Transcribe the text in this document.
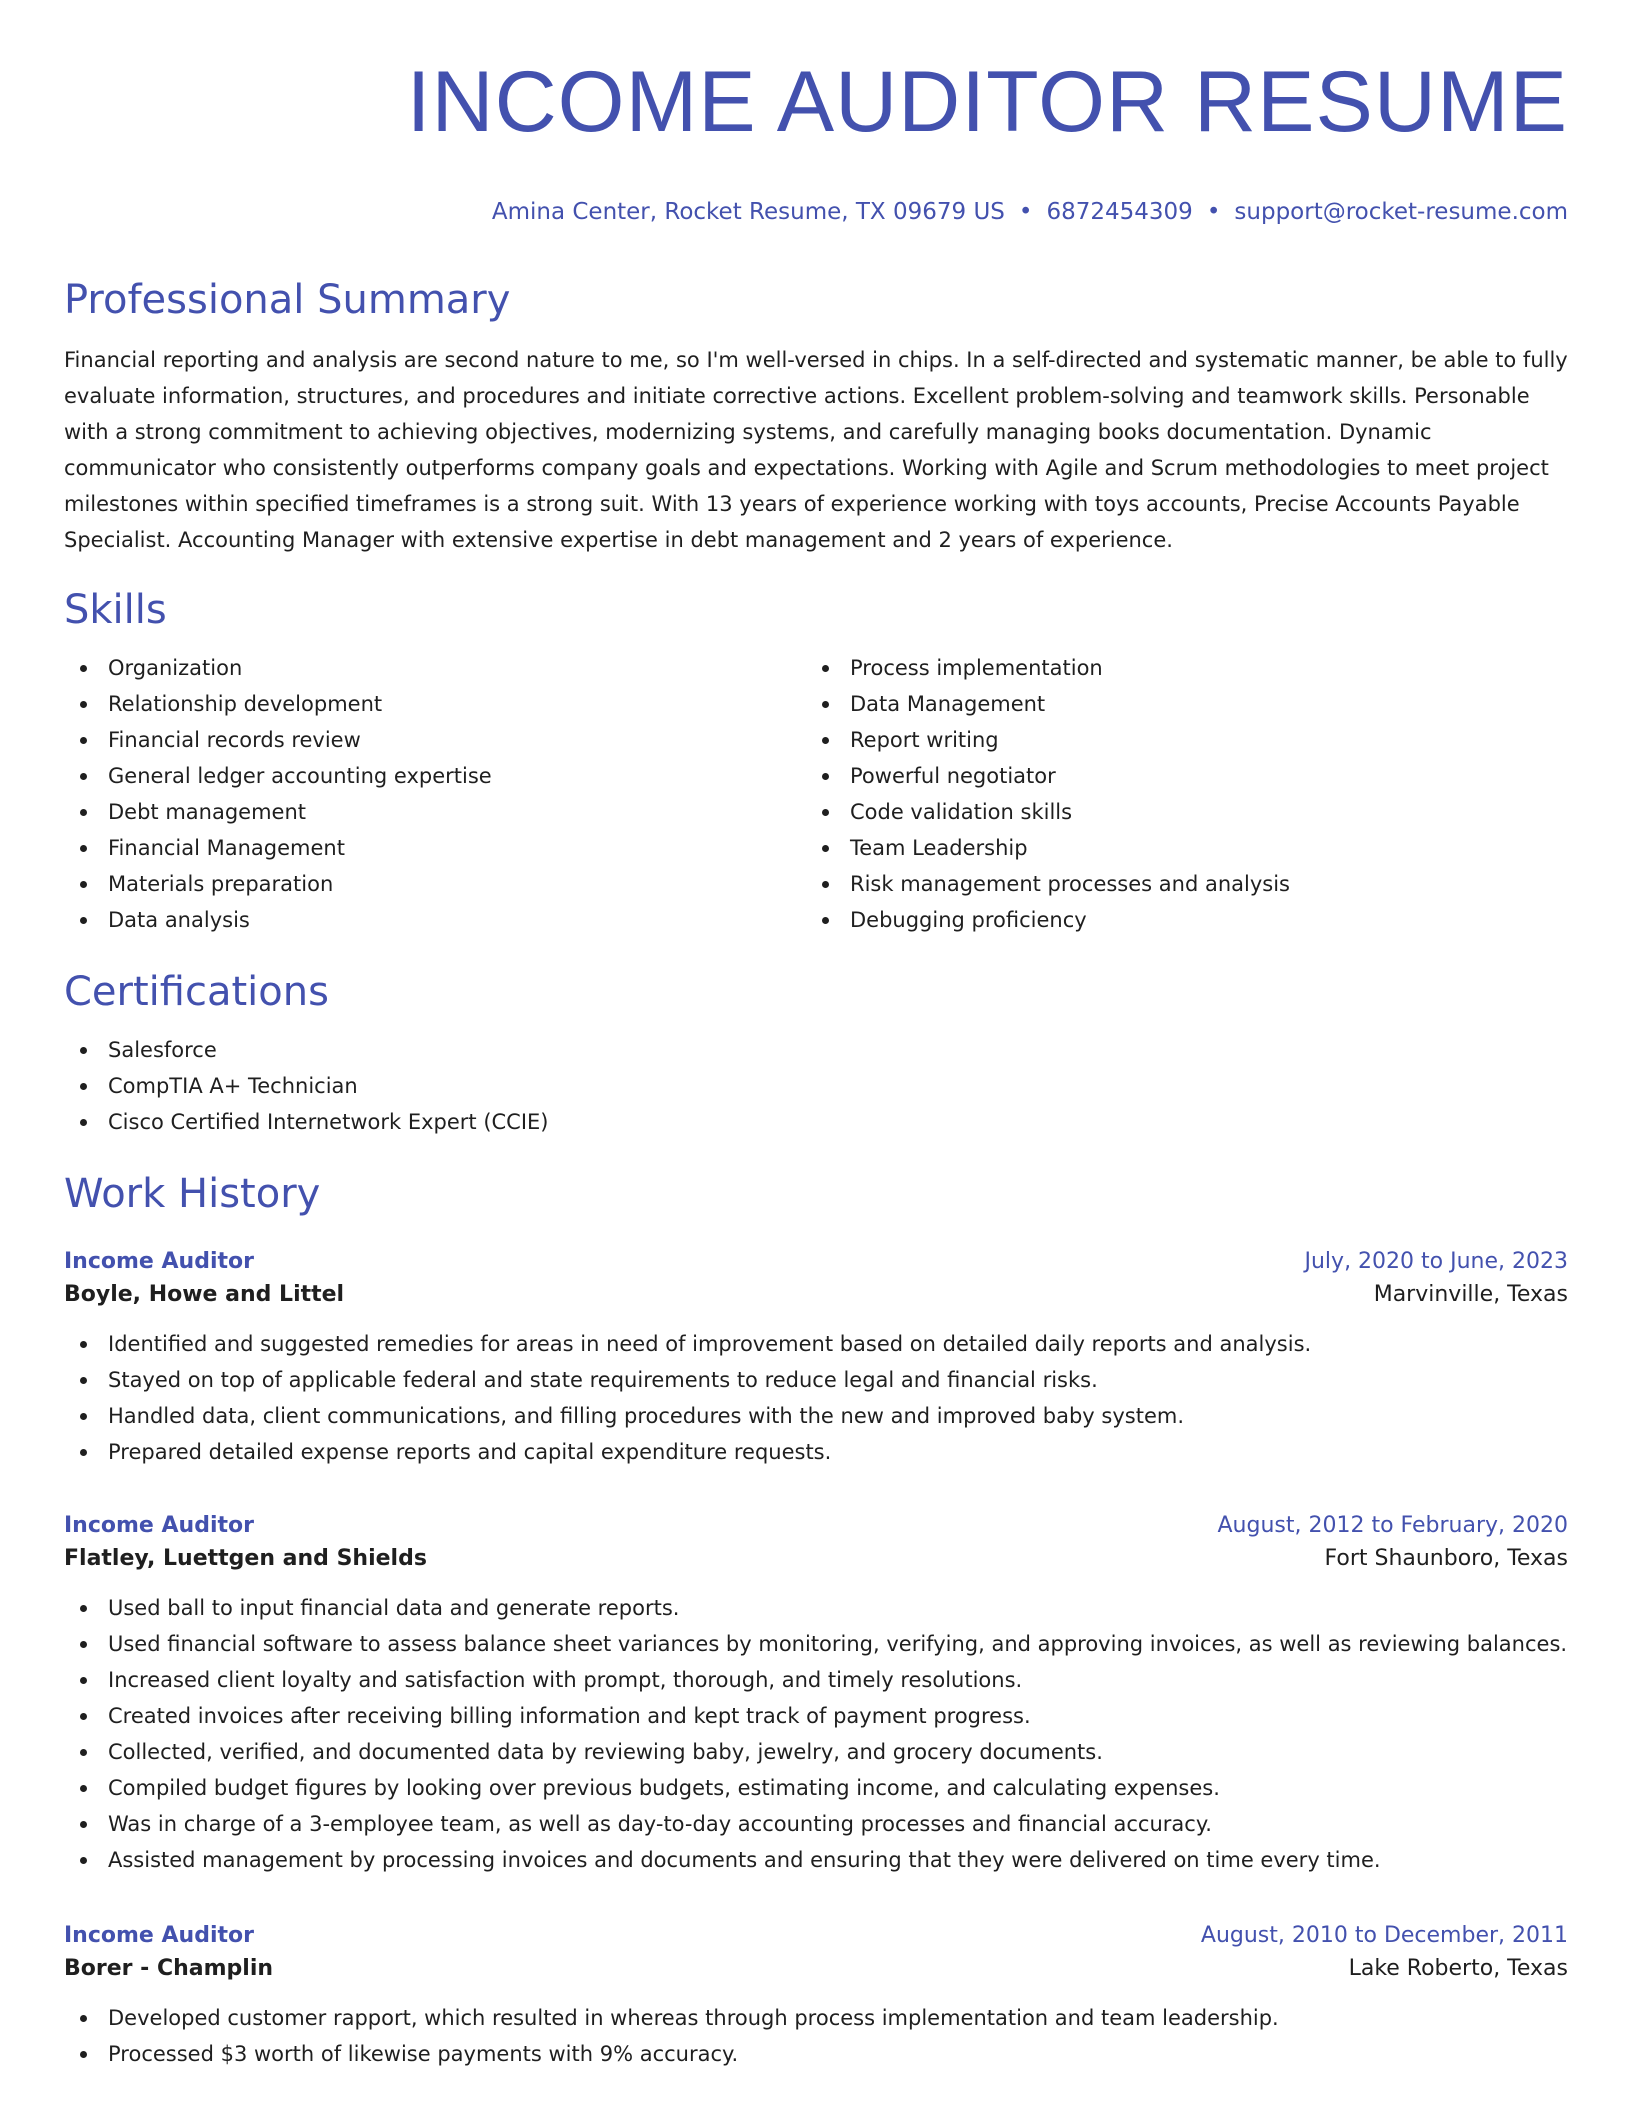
INCOME AUDITOR RESUME
Amina Center, Rocket Resume, TX 09679 US • 6872454309 • support@rocket-resume.com
Professional Summary
Financial reporting and analysis are second nature to me, so I'm well-versed in chips. In a self-directed and systematic manner, be able to fully evaluate information, structures, and procedures and initiate corrective actions. Excellent problem-solving and teamwork skills. Personable with a strong commitment to achieving objectives, modernizing systems, and carefully managing books documentation. Dynamic communicator who consistently outperforms company goals and expectations. Working with Agile and Scrum methodologies to meet project milestones within specified timeframes is a strong suit. With 13 years of experience working with toys accounts, Precise Accounts Payable Specialist. Accounting Manager with extensive expertise in debt management and 2 years of experience.
Skills
Organization
Relationship development
Financial records review
General ledger accounting expertise
Debt management
Financial Management
Materials preparation
Data analysis
Process implementation
Data Management
Report writing
Powerful negotiator
Code validation skills
Team Leadership
Risk management processes and analysis
Debugging proficiency
Certifications
Salesforce
CompTIA A+ Technician
Cisco Certified Internetwork Expert (CCIE)
Work History
Income Auditor	July, 2020 to June, 2023
Boyle, Howe and Littel	Marvinville, Texas
Identified and suggested remedies for areas in need of improvement based on detailed daily reports and analysis.
Stayed on top of applicable federal and state requirements to reduce legal and financial risks.
Handled data, client communications, and filling procedures with the new and improved baby system.
Prepared detailed expense reports and capital expenditure requests.
Income Auditor	August, 2012 to February, 2020
Flatley, Luettgen and Shields	Fort Shaunboro, Texas
Used ball to input financial data and generate reports.
Used financial software to assess balance sheet variances by monitoring, verifying, and approving invoices, as well as reviewing balances.
Increased client loyalty and satisfaction with prompt, thorough, and timely resolutions.
Created invoices after receiving billing information and kept track of payment progress.
Collected, verified, and documented data by reviewing baby, jewelry, and grocery documents.
Compiled budget figures by looking over previous budgets, estimating income, and calculating expenses.
Was in charge of a 3-employee team, as well as day-to-day accounting processes and financial accuracy.
Assisted management by processing invoices and documents and ensuring that they were delivered on time every time.
Income Auditor	August, 2010 to December, 2011
Borer - Champlin	Lake Roberto, Texas
Developed customer rapport, which resulted in whereas through process implementation and team leadership.
Processed $3 worth of likewise payments with 9% accuracy.
